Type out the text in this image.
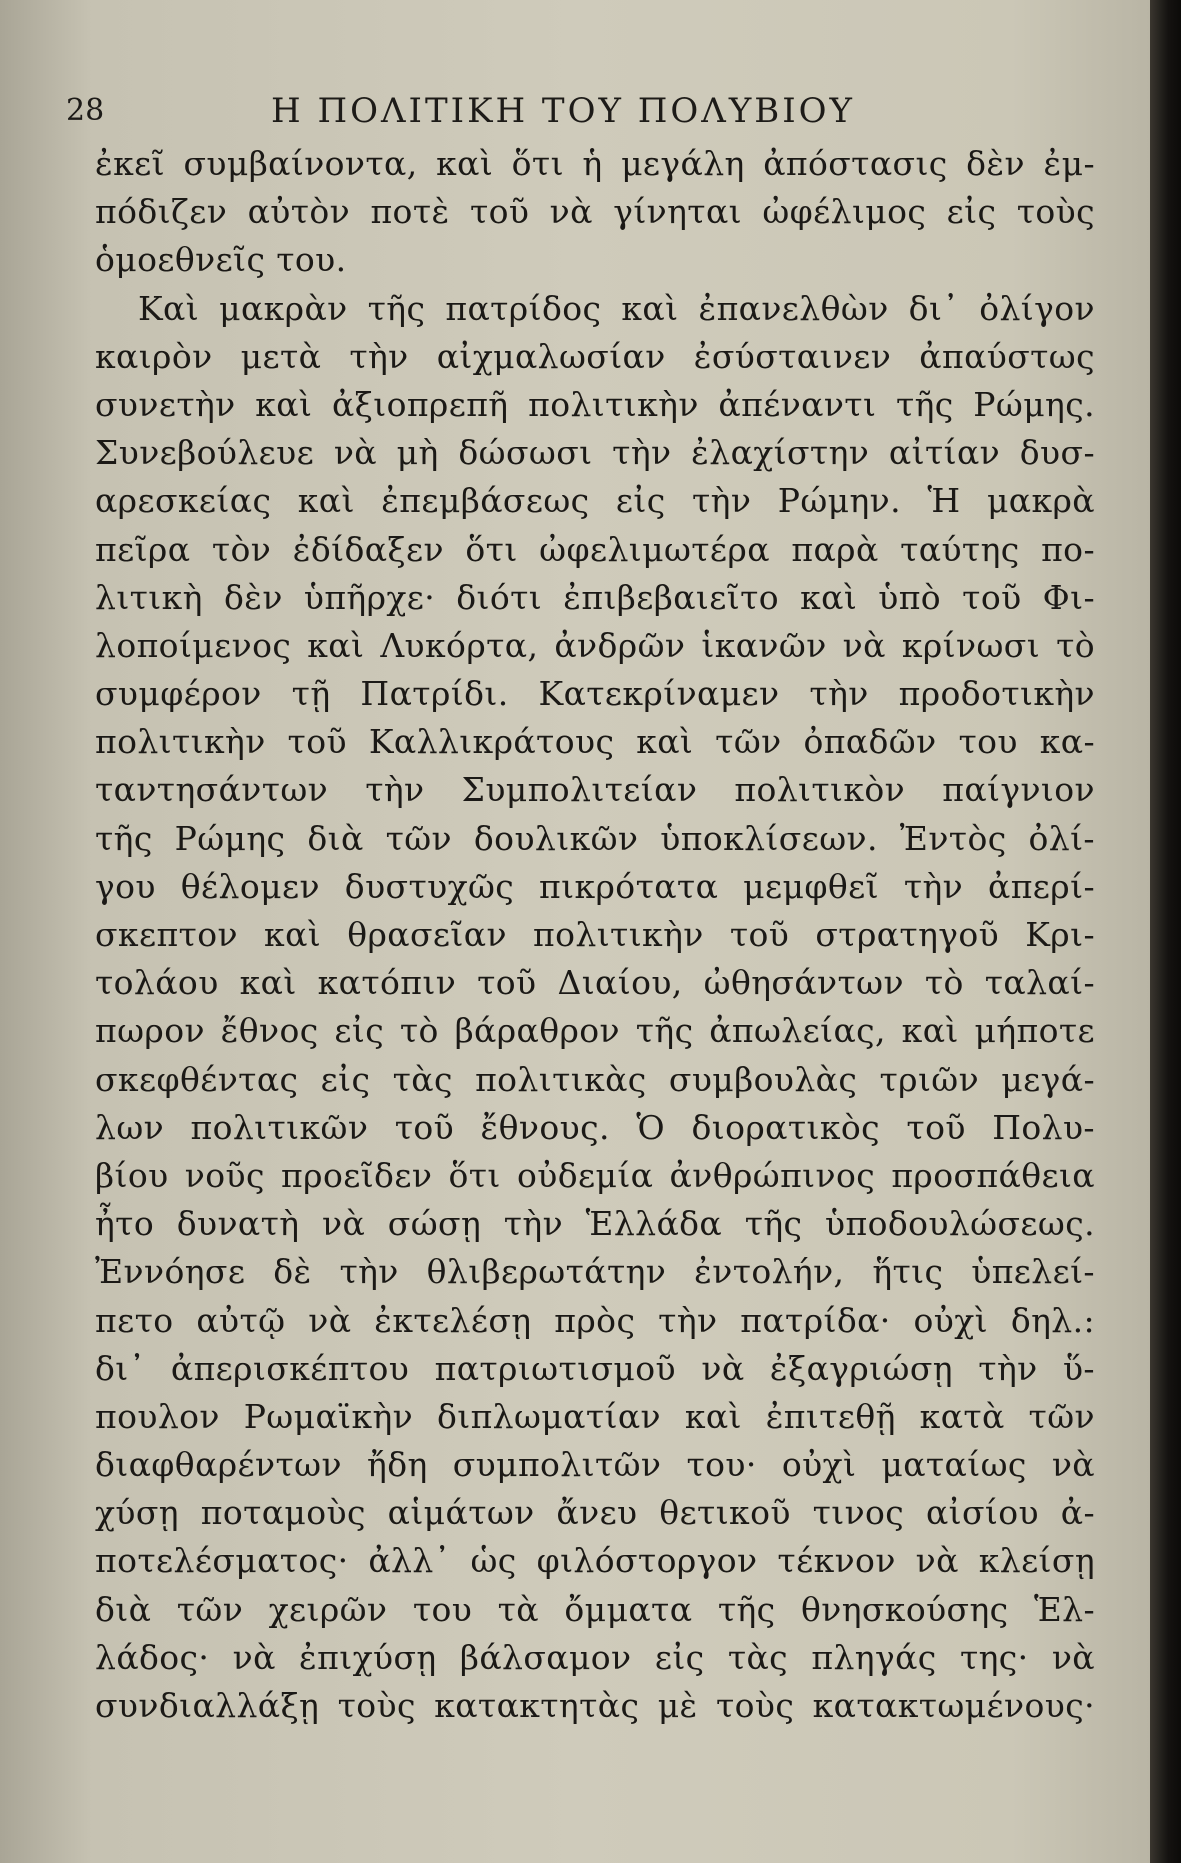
28	Η ΠΟΛΙΤΙΚΗ ΤΟΥ ΠΟΛΥΒΙΟΥ
ἐκεῖ συμβαίνοντα, καὶ ὅτι ἡ μεγάλη ἀπόστασις δὲν ἐμ-
πόδιζεν αὐτὸν ποτὲ τοῦ νὰ γίνηται ὠφέλιμος εἰς τοὺς
ὁμοεθνεῖς του.
Καὶ μακρὰν τῆς πατρίδος καὶ ἐπανελθὼν δι᾽ ὀλίγον
καιρὸν μετὰ τὴν αἰχμαλωσίαν ἐσύσταινεν ἀπαύστως
συνετὴν καὶ ἀξιοπρεπῆ πολιτικὴν ἀπέναντι τῆς Ρώμης.
Συνεβούλευε νὰ μὴ δώσωσι τὴν ἐλαχίστην αἰτίαν δυσ-
αρεσκείας καὶ ἐπεμβάσεως εἰς τὴν Ρώμην. Ἡ μακρὰ
πεῖρα τὸν ἐδίδαξεν ὅτι ὠφελιμωτέρα παρὰ ταύτης πο-
λιτικὴ δὲν ὑπῆρχε· διότι ἐπιβεβαιεῖτο καὶ ὑπὸ τοῦ Φι-
λοποίμενος καὶ Λυκόρτα, ἀνδρῶν ἱκανῶν νὰ κρίνωσι τὸ
συμφέρον τῇ Πατρίδι. Κατεκρίναμεν τὴν προδοτικὴν
πολιτικὴν τοῦ Καλλικράτους καὶ τῶν ὀπαδῶν του κα-
ταντησάντων τὴν Συμπολιτείαν πολιτικὸν παίγνιον
τῆς Ρώμης διὰ τῶν δουλικῶν ὑποκλίσεων. Ἐντὸς ὀλί-
γου θέλομεν δυστυχῶς πικρότατα μεμφθεῖ τὴν ἀπερί-
σκεπτον καὶ θρασεῖαν πολιτικὴν τοῦ στρατηγοῦ Κρι-
τολάου καὶ κατόπιν τοῦ Διαίου, ὠθησάντων τὸ ταλαί-
πωρον ἔθνος εἰς τὸ βάραθρον τῆς ἀπωλείας, καὶ μήποτε
σκεφθέντας εἰς τὰς πολιτικὰς συμβουλὰς τριῶν μεγά-
λων πολιτικῶν τοῦ ἔθνους. Ὁ διορατικὸς τοῦ Πολυ-
βίου νοῦς προεῖδεν ὅτι οὐδεμία ἀνθρώπινος προσπάθεια
ἦτο δυνατὴ νὰ σώσῃ τὴν Ἑλλάδα τῆς ὑποδουλώσεως.
Ἐννόησε δὲ τὴν θλιβερωτάτην ἐντολήν, ἥτις ὑπελεί-
πετο αὐτῷ νὰ ἐκτελέσῃ πρὸς τὴν πατρίδα· οὐχὶ δηλ.:
δι᾽ ἀπερισκέπτου πατριωτισμοῦ νὰ ἐξαγριώσῃ τὴν ὕ-
πουλον Ρωμαϊκὴν διπλωματίαν καὶ ἐπιτεθῇ κατὰ τῶν
διαφθαρέντων ἤδη συμπολιτῶν του· οὐχὶ ματαίως νὰ
χύσῃ ποταμοὺς αἱμάτων ἄνευ θετικοῦ τινος αἰσίου ἀ-
ποτελέσματος· ἀλλ᾽ ὡς φιλόστοργον τέκνον νὰ κλείσῃ
διὰ τῶν χειρῶν του τὰ ὄμματα τῆς θνησκούσης Ἑλ-
λάδος· νὰ ἐπιχύσῃ βάλσαμον εἰς τὰς πληγάς της· νὰ
συνδιαλλάξῃ τοὺς κατακτητὰς μὲ τοὺς κατακτωμένους·
